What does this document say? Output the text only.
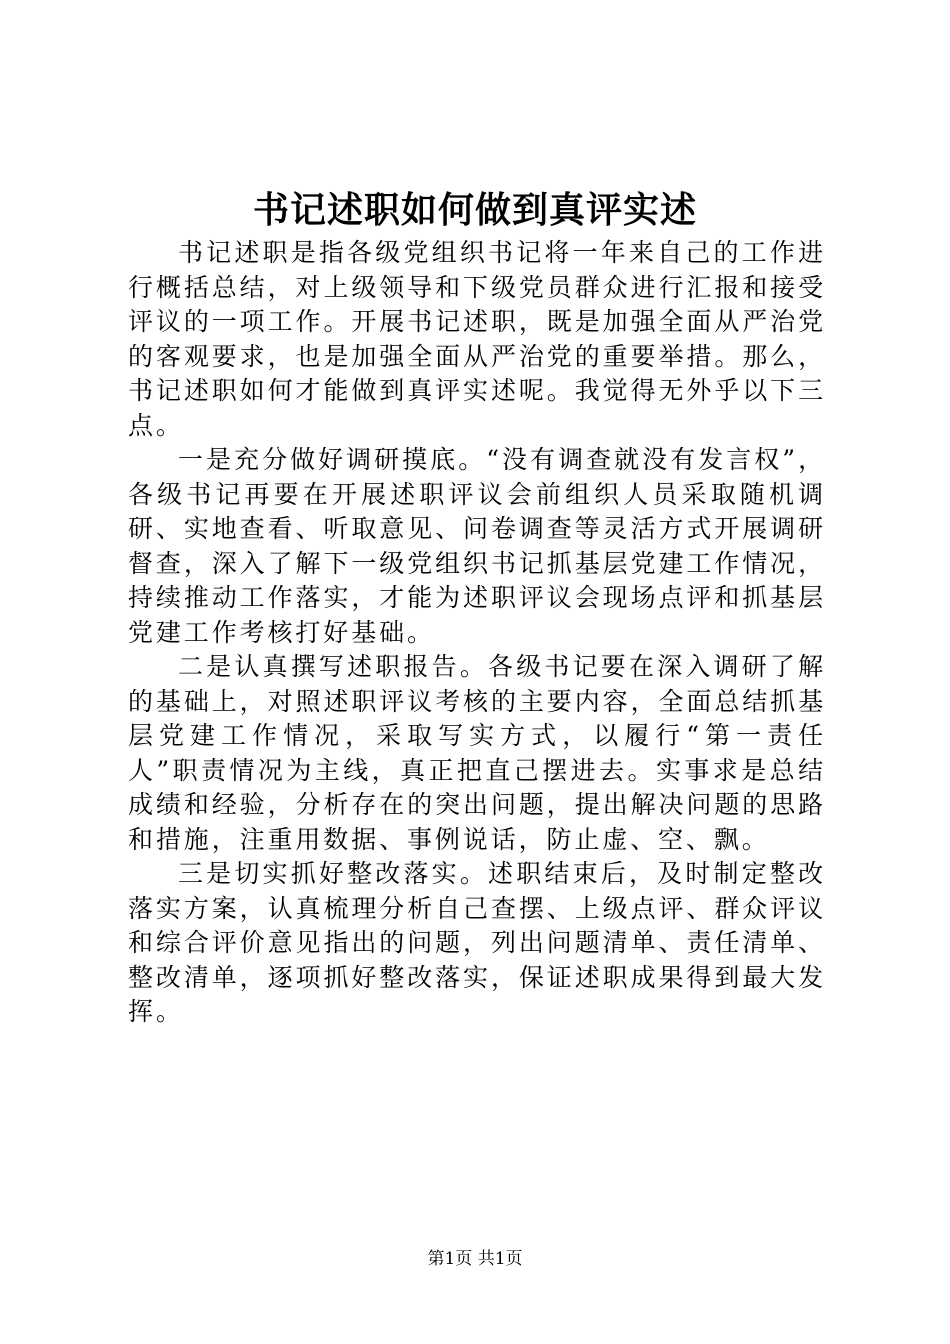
书记述职如何做到真评实述

书记述职是指各级党组织书记将一年来自己的工作进行概括总结，对上级领导和下级党员群众进行汇报和接受评议的一项工作。开展书记述职，既是加强全面从严治党的客观要求，也是加强全面从严治党的重要举措。那么，书记述职如何才能做到真评实述呢。我觉得无外乎以下三点。

一是充分做好调研摸底。“没有调查就没有发言权”，各级书记再要在开展述职评议会前组织人员采取随机调研、实地查看、听取意见、问卷调查等灵活方式开展调研督查，深入了解下一级党组织书记抓基层党建工作情况，持续推动工作落实，才能为述职评议会现场点评和抓基层党建工作考核打好基础。

二是认真撰写述职报告。各级书记要在深入调研了解的基础上，对照述职评议考核的主要内容，全面总结抓基层党建工作情况，采取写实方式，以履行“第一责任人”职责情况为主线，真正把直己摆进去。实事求是总结成绩和经验，分析存在的突出问题，提出解决问题的思路和措施，注重用数据、事例说话，防止虚、空、飘。

三是切实抓好整改落实。述职结束后，及时制定整改落实方案，认真梳理分析自己查摆、上级点评、群众评议和综合评价意见指出的问题，列出问题清单、责任清单、整改清单，逐项抓好整改落实，保证述职成果得到最大发挥。

第1页 共1页
